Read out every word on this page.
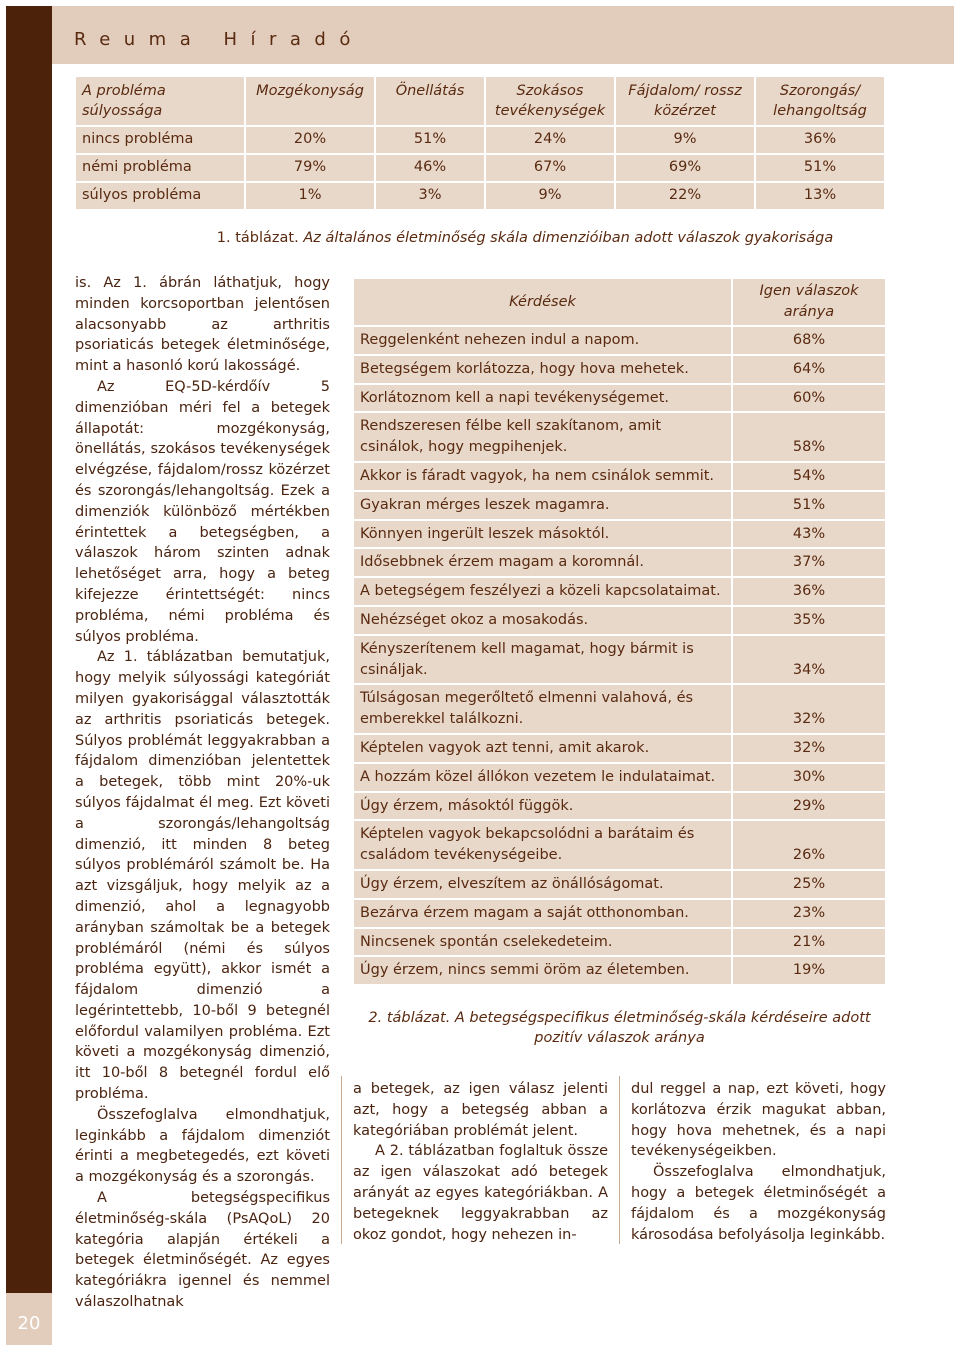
20
Reuma Híradó
A probléma súlyossága	Mozgékonyság	Önellátás	Szokásos tevékenységek	Fájdalom/ rossz közérzet	Szorongás/ lehangoltság
nincs probléma	20%	51%	24%	9%	36%
némi probléma	79%	46%	67%	69%	51%
súlyos probléma	1%	3%	9%	22%	13%
1. táblázat. Az általános életminőség skála dimenzióiban adott válaszok gyakorisága

is. Az 1. ábrán láthatjuk, hogy minden korcsoportban jelentősen alacsonyabb az arthritis psoriaticás betegek életminősége, mint a hasonló korú lakosságé.

Az EQ-5D-kérdőív 5 dimenzióban méri fel a betegek állapotát: mozgékonyság, önellátás, szokásos tevékenységek elvégzése, fájdalom/rossz közérzet és szorongás/lehangoltság. Ezek a dimenziók különböző mértékben érintettek a betegségben, a válaszok három szinten adnak lehetőséget arra, hogy a beteg kifejezze érintettségét: nincs probléma, némi probléma és súlyos probléma.

Az 1. táblázatban bemutatjuk, hogy melyik súlyossági kategóriát milyen gyakorisággal választották az arthritis psoriaticás betegek. Súlyos problémát leggyakrabban a fájdalom dimenzióban jelentettek a betegek, több mint 20%-uk súlyos fájdalmat él meg. Ezt követi a szorongás/lehangoltság dimenzió, itt minden 8 beteg súlyos problémáról számolt be. Ha azt vizsgáljuk, hogy melyik az a dimenzió, ahol a legnagyobb arányban számoltak be a betegek problémáról (némi és súlyos probléma együtt), akkor ismét a fájdalom dimenzió a legérintettebb, 10-ből 9 betegnél előfordul valamilyen probléma. Ezt követi a mozgékonyság dimenzió, itt 10-ből 8 betegnél fordul elő probléma.

Összefoglalva elmondhatjuk, leginkább a fájdalom dimenziót érinti a megbetegedés, ezt követi a mozgékonyság és a szorongás.

A betegségspecifikus életminőség-skála (PsAQoL) 20 kategória alapján értékeli a betegek életminőségét. Az egyes kategóriákra igennel és nemmel válaszolhatnak

Kérdések	Igen válaszok aránya
Reggelenként nehezen indul a napom.	68%
Betegségem korlátozza, hogy hova mehetek.	64%
Korlátoznom kell a napi tevékenységemet.	60%
Rendszeresen félbe kell szakítanom, amit csinálok, hogy megpihenjek.	58%
Akkor is fáradt vagyok, ha nem csinálok semmit.	54%
Gyakran mérges leszek magamra.	51%
Könnyen ingerült leszek másoktól.	43%
Idősebbnek érzem magam a koromnál.	37%
A betegségem feszélyezi a közeli kapcsolataimat.	36%
Nehézséget okoz a mosakodás.	35%
Kényszerítenem kell magamat, hogy bármit is csináljak.	34%
Túlságosan megerőltető elmenni valahová, és emberekkel találkozni.	32%
Képtelen vagyok azt tenni, amit akarok.	32%
A hozzám közel állókon vezetem le indulataimat.	30%
Úgy érzem, másoktól függök.	29%
Képtelen vagyok bekapcsolódni a barátaim és családom tevékenységeibe.	26%
Úgy érzem, elveszítem az önállóságomat.	25%
Bezárva érzem magam a saját otthonomban.	23%
Nincsenek spontán cselekedeteim.	21%
Úgy érzem, nincs semmi öröm az életemben.	19%
2. táblázat. A betegségspecifikus életminőség-skála kérdéseire adott pozitív válaszok aránya

a betegek, az igen válasz jelenti azt, hogy a betegség abban a kategóriában problémát jelent.

A 2. táblázatban foglaltuk össze az igen válaszokat adó betegek arányát az egyes kategóriákban. A betegeknek leggyakrabban az okoz gondot, hogy nehezen in-

dul reggel a nap, ezt követi, hogy korlátozva érzik magukat abban, hogy hova mehetnek, és a napi tevékenységeikben.

Összefoglalva elmondhatjuk, hogy a betegek életminőségét a fájdalom és a mozgékonyság károsodása befolyásolja leginkább.
